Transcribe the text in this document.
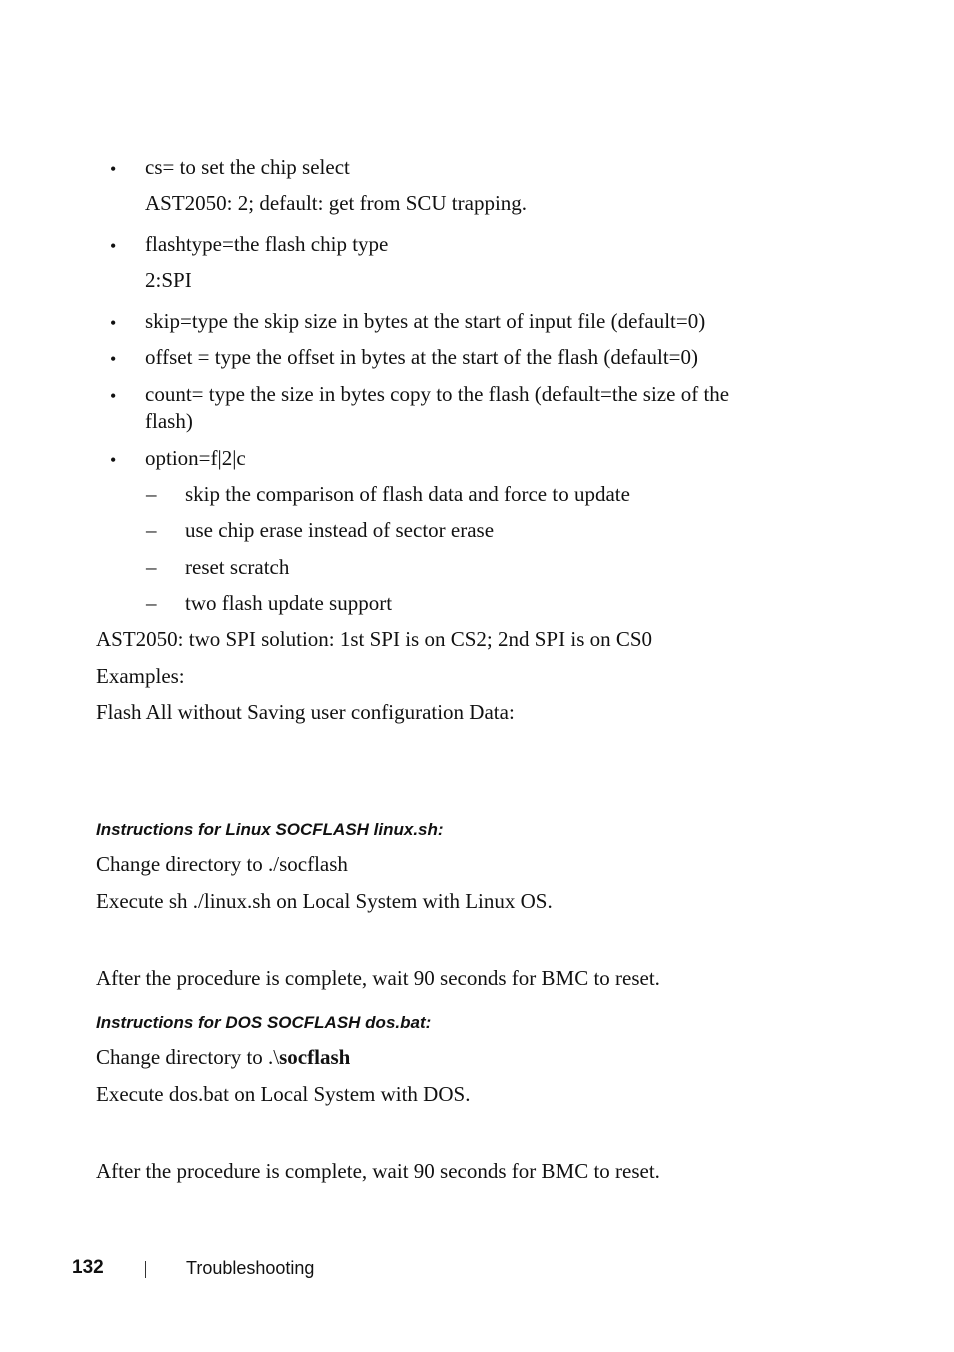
• cs= to set the chip select
AST2050: 2; default: get from SCU trapping.
• flashtype=the flash chip type
2:SPI
• skip=type the skip size in bytes at the start of input file (default=0)
• offset = type the offset in bytes at the start of the flash (default=0)
• count= type the size in bytes copy to the flash (default=the size of the
flash)
• option=f|2|c
– skip the comparison of flash data and force to update
– use chip erase instead of sector erase
– reset scratch
– two flash update support
AST2050: two SPI solution: 1st SPI is on CS2; 2nd SPI is on CS0
Examples:
Flash All without Saving user configuration Data:
Instructions for Linux SOCFLASH linux.sh:
Change directory to ./socflash
Execute sh ./linux.sh on Local System with Linux OS.
After the procedure is complete, wait 90 seconds for BMC to reset.
Instructions for DOS SOCFLASH dos.bat:
Change directory to .\socflash
Execute dos.bat on Local System with DOS.
After the procedure is complete, wait 90 seconds for BMC to reset.
132	Troubleshooting
